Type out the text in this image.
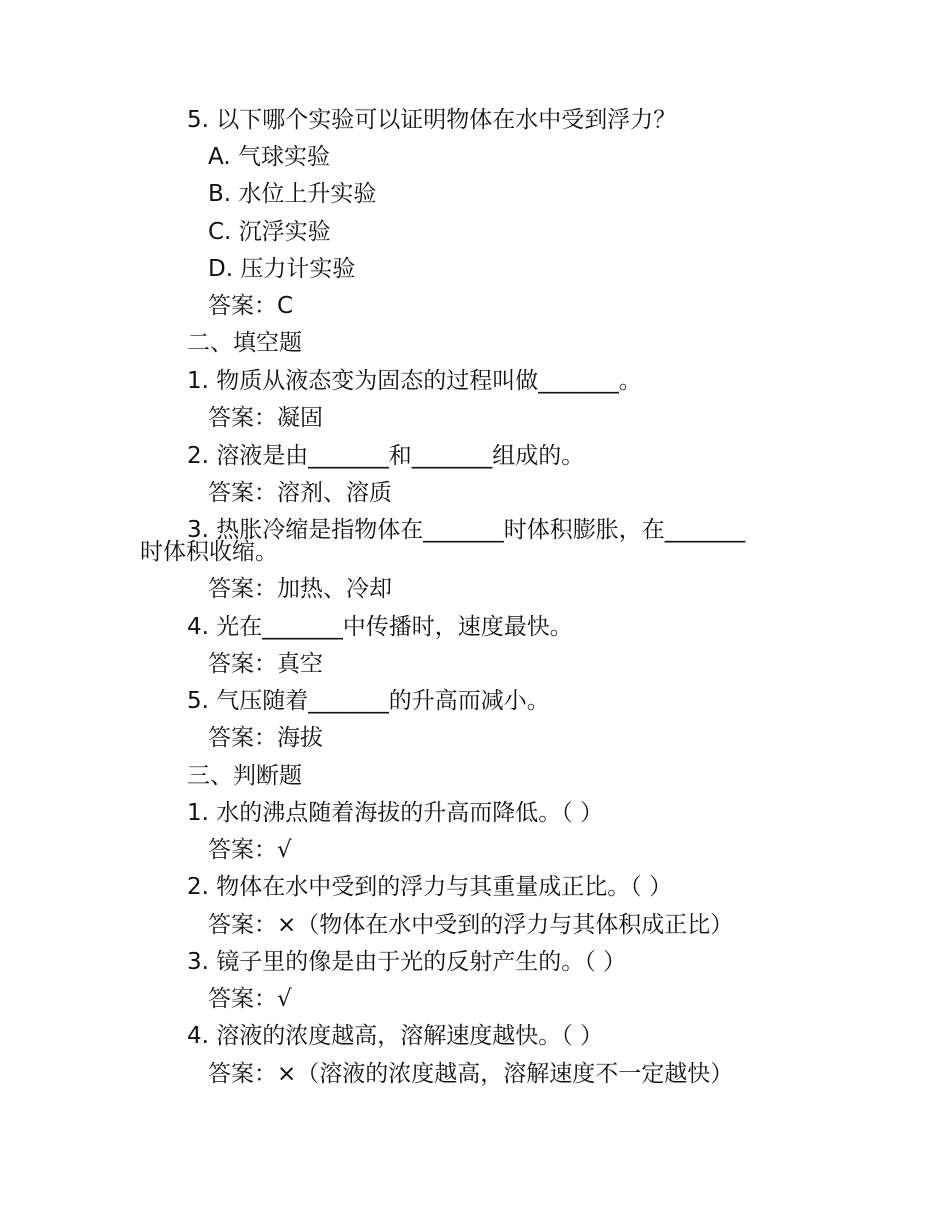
5. 以下哪个实验可以证明物体在水中受到浮力？
A. 气球实验
B. 水位上升实验
C. 沉浮实验
D. 压力计实验
答案：C
二、填空题
1. 物质从液态变为固态的过程叫做_______。
答案：凝固
2. 溶液是由_______和_______组成的。
答案：溶剂、溶质
3. 热胀冷缩是指物体在_______时体积膨胀，在_______
时体积收缩。
答案：加热、冷却
4. 光在_______中传播时，速度最快。
答案：真空
5. 气压随着_______的升高而减小。
答案：海拔
三、判断题
1. 水的沸点随着海拔的升高而降低。（ ）
答案：√
2. 物体在水中受到的浮力与其重量成正比。（ ）
答案：×（物体在水中受到的浮力与其体积成正比）
3. 镜子里的像是由于光的反射产生的。（ ）
答案：√
4. 溶液的浓度越高，溶解速度越快。（ ）
答案：×（溶液的浓度越高，溶解速度不一定越快）
